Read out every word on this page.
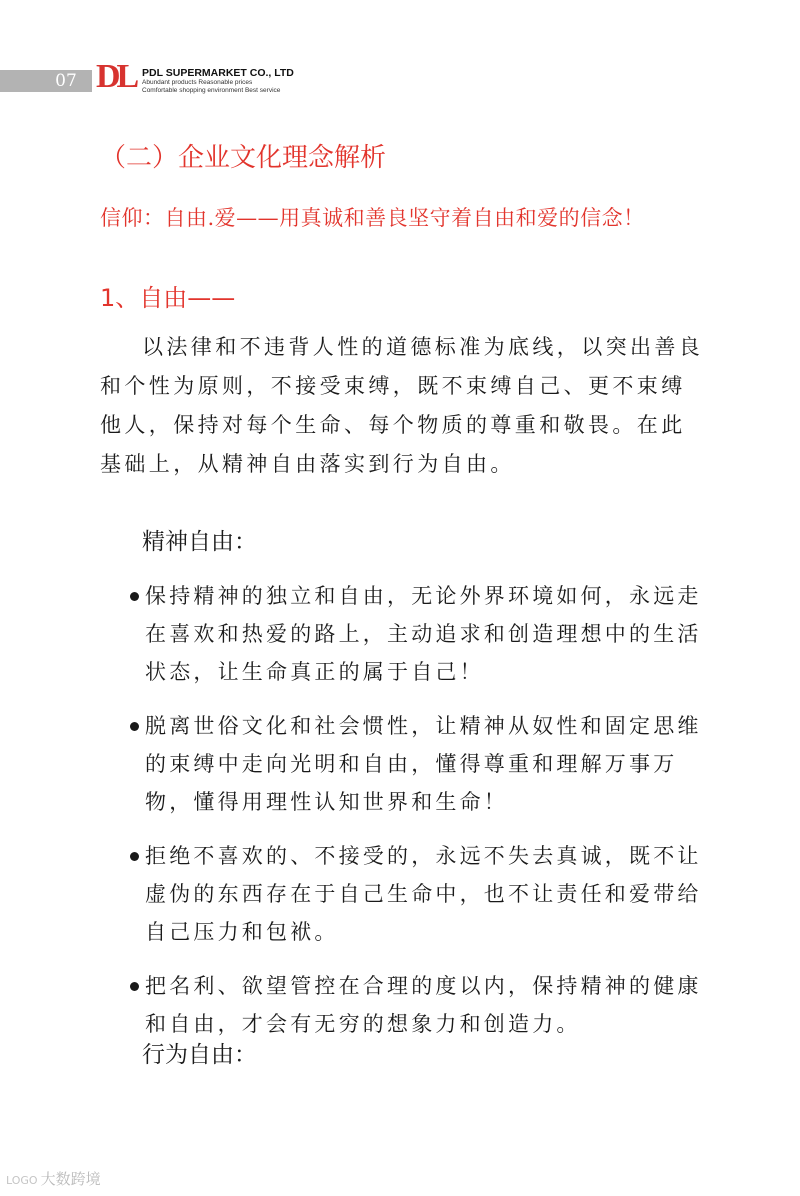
07 DL PDL SUPERMARKET CO., LTD
Abundant products Reasonable prices
Comfortable shopping environment Best service
（二）企业文化理念解析
信仰：自由.爱——用真诚和善良坚守着自由和爱的信念！
1、自由——

以法律和不违背人性的道德标准为底线，以突出善良和个性为原则，不接受束缚，既不束缚自己、更不束缚他人，保持对每个生命、每个物质的尊重和敬畏。在此基础上，从精神自由落实到行为自由。

精神自由：
保持精神的独立和自由，无论外界环境如何，永远走在喜欢和热爱的路上，主动追求和创造理想中的生活状态，让生命真正的属于自己！
脱离世俗文化和社会惯性，让精神从奴性和固定思维的束缚中走向光明和自由，懂得尊重和理解万事万物，懂得用理性认知世界和生命！
拒绝不喜欢的、不接受的，永远不失去真诚，既不让虚伪的东西存在于自己生命中，也不让责任和爱带给自己压力和包袱。
把名利、欲望管控在合理的度以内，保持精神的健康和自由，才会有无穷的想象力和创造力。
行为自由：
LOGO 大数跨境
